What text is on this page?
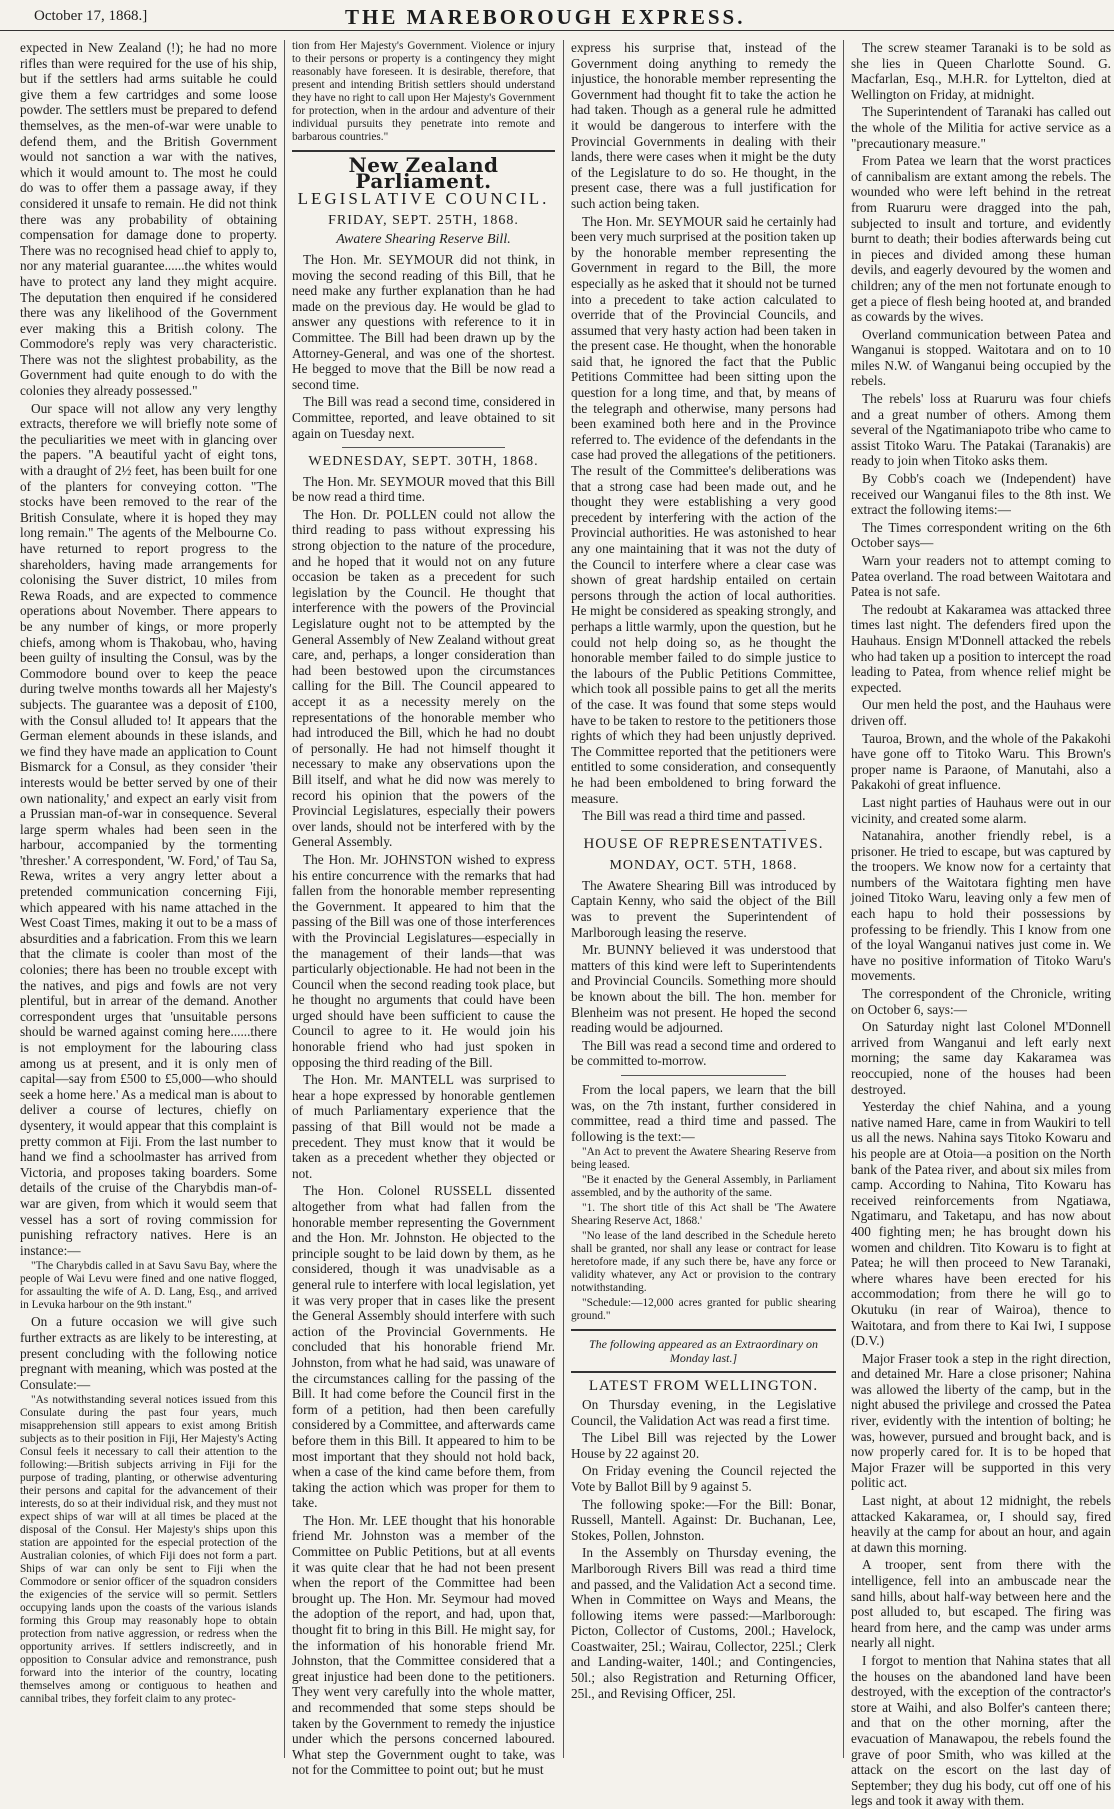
October 17, 1868.]	THE MAREBOROUGH EXPRESS.

expected in New Zealand (!); he had no more rifles than were required for the use of his ship, but if the settlers had arms suitable he could give them a few cartridges and some loose powder. The settlers must be prepared to defend themselves, as the men-of-war were unable to defend them, and the British Government would not sanction a war with the natives, which it would amount to. The most he could do was to offer them a passage away, if they considered it unsafe to remain. He did not think there was any probability of obtaining compensation for damage done to property. There was no recognised head chief to apply to, nor any material guarantee......the whites would have to protect any land they might acquire. The deputation then enquired if he considered there was any likelihood of the Government ever making this a British colony. The Commodore's reply was very characteristic. There was not the slightest probability, as the Government had quite enough to do with the colonies they already possessed."

Our space will not allow any very lengthy extracts, therefore we will briefly note some of the peculiarities we meet with in glancing over the papers. "A beautiful yacht of eight tons, with a draught of 2½ feet, has been built for one of the planters for conveying cotton. "The stocks have been removed to the rear of the British Consulate, where it is hoped they may long remain." The agents of the Melbourne Co. have returned to report progress to the shareholders, having made arrangements for colonising the Suver district, 10 miles from Rewa Roads, and are expected to commence operations about November. There appears to be any number of kings, or more properly chiefs, among whom is Thakobau, who, having been guilty of insulting the Consul, was by the Commodore bound over to keep the peace during twelve months towards all her Majesty's subjects. The guarantee was a deposit of £100, with the Consul alluded to! It appears that the German element abounds in these islands, and we find they have made an application to Count Bismarck for a Consul, as they consider 'their interests would be better served by one of their own nationality,' and expect an early visit from a Prussian man-of-war in consequence. Several large sperm whales had been seen in the harbour, accompanied by the tormenting 'thresher.' A correspondent, 'W. Ford,' of Tau Sa, Rewa, writes a very angry letter about a pretended communication concerning Fiji, which appeared with his name attached in the West Coast Times, making it out to be a mass of absurdities and a fabrication. From this we learn that the climate is cooler than most of the colonies; there has been no trouble except with the natives, and pigs and fowls are not very plentiful, but in arrear of the demand. Another correspondent urges that 'unsuitable persons should be warned against coming here......there is not employment for the labouring class among us at present, and it is only men of capital—say from £500 to £5,000—who should seek a home here.' As a medical man is about to deliver a course of lectures, chiefly on dysentery, it would appear that this complaint is pretty common at Fiji. From the last number to hand we find a schoolmaster has arrived from Victoria, and proposes taking boarders. Some details of the cruise of the Charybdis man-of-war are given, from which it would seem that vessel has a sort of roving commission for punishing refractory natives. Here is an instance:—

"The Charybdis called in at Savu Savu Bay, where the people of Wai Levu were fined and one native flogged, for assaulting the wife of A. D. Lang, Esq., and arrived in Levuka harbour on the 9th instant."

On a future occasion we will give such further extracts as are likely to be interesting, at present concluding with the following notice pregnant with meaning, which was posted at the Consulate:—

"As notwithstanding several notices issued from this Consulate during the past four years, much misapprehension still appears to exist among British subjects as to their position in Fiji, Her Majesty's Acting Consul feels it necessary to call their attention to the following:—British subjects arriving in Fiji for the purpose of trading, planting, or otherwise adventuring their persons and capital for the advancement of their interests, do so at their individual risk, and they must not expect ships of war will at all times be placed at the disposal of the Consul. Her Majesty's ships upon this station are appointed for the especial protection of the Australian colonies, of which Fiji does not form a part. Ships of war can only be sent to Fiji when the Commodore or senior officer of the squadron considers the exigencies of the service will so permit. Settlers occupying lands upon the coasts of the various islands forming this Group may reasonably hope to obtain protection from native aggression, or redress when the opportunity arrives. If settlers indiscreetly, and in opposition to Consular advice and remonstrance, push forward into the interior of the country, locating themselves among or contiguous to heathen and cannibal tribes, they forfeit claim to any protec-

tion from Her Majesty's Government. Violence or injury to their persons or property is a contingency they might reasonably have foreseen. It is desirable, therefore, that present and intending British settlers should understand they have no right to call upon Her Majesty's Government for protection, when in the ardour and adventure of their individual pursuits they penetrate into remote and barbarous countries."

New Zealand Parliament.
LEGISLATIVE COUNCIL.
FRIDAY, SEPT. 25TH, 1868.
Awatere Shearing Reserve Bill.

The Hon. Mr. SEYMOUR did not think, in moving the second reading of this Bill, that he need make any further explanation than he had made on the previous day. He would be glad to answer any questions with reference to it in Committee. The Bill had been drawn up by the Attorney-General, and was one of the shortest. He begged to move that the Bill be now read a second time.

The Bill was read a second time, considered in Committee, reported, and leave obtained to sit again on Tuesday next.

WEDNESDAY, SEPT. 30TH, 1868.

The Hon. Mr. SEYMOUR moved that this Bill be now read a third time.

The Hon. Dr. POLLEN could not allow the third reading to pass without expressing his strong objection to the nature of the procedure, and he hoped that it would not on any future occasion be taken as a precedent for such legislation by the Council. He thought that interference with the powers of the Provincial Legislature ought not to be attempted by the General Assembly of New Zealand without great care, and, perhaps, a longer consideration than had been bestowed upon the circumstances calling for the Bill. The Council appeared to accept it as a necessity merely on the representations of the honorable member who had introduced the Bill, which he had no doubt of personally. He had not himself thought it necessary to make any observations upon the Bill itself, and what he did now was merely to record his opinion that the powers of the Provincial Legislatures, especially their powers over lands, should not be interfered with by the General Assembly.

The Hon. Mr. JOHNSTON wished to express his entire concurrence with the remarks that had fallen from the honorable member representing the Government. It appeared to him that the passing of the Bill was one of those interferences with the Provincial Legislatures—especially in the management of their lands—that was particularly objectionable. He had not been in the Council when the second reading took place, but he thought no arguments that could have been urged should have been sufficient to cause the Council to agree to it. He would join his honorable friend who had just spoken in opposing the third reading of the Bill.

The Hon. Mr. MANTELL was surprised to hear a hope expressed by honorable gentlemen of much Parliamentary experience that the passing of that Bill would not be made a precedent. They must know that it would be taken as a precedent whether they objected or not.

The Hon. Colonel RUSSELL dissented altogether from what had fallen from the honorable member representing the Government and the Hon. Mr. Johnston. He objected to the principle sought to be laid down by them, as he considered, though it was unadvisable as a general rule to interfere with local legislation, yet it was very proper that in cases like the present the General Assembly should interfere with such action of the Provincial Governments. He concluded that his honorable friend Mr. Johnston, from what he had said, was unaware of the circumstances calling for the passing of the Bill. It had come before the Council first in the form of a petition, had then been carefully considered by a Committee, and afterwards came before them in this Bill. It appeared to him to be most important that they should not hold back, when a case of the kind came before them, from taking the action which was proper for them to take.

The Hon. Mr. LEE thought that his honorable friend Mr. Johnston was a member of the Committee on Public Petitions, but at all events it was quite clear that he had not been present when the report of the Committee had been brought up. The Hon. Mr. Seymour had moved the adoption of the report, and had, upon that, thought fit to bring in this Bill. He might say, for the information of his honorable friend Mr. Johnston, that the Committee considered that a great injustice had been done to the petitioners. They went very carefully into the whole matter, and recommended that some steps should be taken by the Government to remedy the injustice under which the persons concerned laboured. What step the Government ought to take, was not for the Committee to point out; but he must

express his surprise that, instead of the Government doing anything to remedy the injustice, the honorable member representing the Government had thought fit to take the action he had taken. Though as a general rule he admitted it would be dangerous to interfere with the Provincial Governments in dealing with their lands, there were cases when it might be the duty of the Legislature to do so. He thought, in the present case, there was a full justification for such action being taken.

The Hon. Mr. SEYMOUR said he certainly had been very much surprised at the position taken up by the honorable member representing the Government in regard to the Bill, the more especially as he asked that it should not be turned into a precedent to take action calculated to override that of the Provincial Councils, and assumed that very hasty action had been taken in the present case. He thought, when the honorable said that, he ignored the fact that the Public Petitions Committee had been sitting upon the question for a long time, and that, by means of the telegraph and otherwise, many persons had been examined both here and in the Province referred to. The evidence of the defendants in the case had proved the allegations of the petitioners. The result of the Committee's deliberations was that a strong case had been made out, and he thought they were establishing a very good precedent by interfering with the action of the Provincial authorities. He was astonished to hear any one maintaining that it was not the duty of the Council to interfere where a clear case was shown of great hardship entailed on certain persons through the action of local authorities. He might be considered as speaking strongly, and perhaps a little warmly, upon the question, but he could not help doing so, as he thought the honorable member failed to do simple justice to the labours of the Public Petitions Committee, which took all possible pains to get all the merits of the case. It was found that some steps would have to be taken to restore to the petitioners those rights of which they had been unjustly deprived. The Committee reported that the petitioners were entitled to some consideration, and consequently he had been emboldened to bring forward the measure.

The Bill was read a third time and passed.

HOUSE OF REPRESENTATIVES.
MONDAY, OCT. 5TH, 1868.

The Awatere Shearing Bill was introduced by Captain Kenny, who said the object of the Bill was to prevent the Superintendent of Marlborough leasing the reserve.

Mr. BUNNY believed it was understood that matters of this kind were left to Superintendents and Provincial Councils. Something more should be known about the bill. The hon. member for Blenheim was not present. He hoped the second reading would be adjourned.

The Bill was read a second time and ordered to be committed to-morrow.

From the local papers, we learn that the bill was, on the 7th instant, further considered in committee, read a third time and passed. The following is the text:—

"An Act to prevent the Awatere Shearing Reserve from being leased.

"Be it enacted by the General Assembly, in Parliament assembled, and by the authority of the same.

"1. The short title of this Act shall be 'The Awatere Shearing Reserve Act, 1868.'

"No lease of the land described in the Schedule hereto shall be granted, nor shall any lease or contract for lease heretofore made, if any such there be, have any force or validity whatever, any Act or provision to the contrary notwithstanding.

"Schedule:—12,000 acres granted for public shearing ground."

The following appeared as an Extraordinary on Monday last.]
LATEST FROM WELLINGTON.

On Thursday evening, in the Legislative Council, the Validation Act was read a first time.

The Libel Bill was rejected by the Lower House by 22 against 20.

On Friday evening the Council rejected the Vote by Ballot Bill by 9 against 5.

The following spoke:—For the Bill: Bonar, Russell, Mantell. Against: Dr. Buchanan, Lee, Stokes, Pollen, Johnston.

In the Assembly on Thursday evening, the Marlborough Rivers Bill was read a third time and passed, and the Validation Act a second time. When in Committee on Ways and Means, the following items were passed:—Marlborough: Picton, Collector of Customs, 200l.; Havelock, Coastwaiter, 25l.; Wairau, Collector, 225l.; Clerk and Landing-waiter, 140l.; and Contingencies, 50l.; also Registration and Returning Officer, 25l., and Revising Officer, 25l.

The screw steamer Taranaki is to be sold as she lies in Queen Charlotte Sound. G. Macfarlan, Esq., M.H.R. for Lyttelton, died at Wellington on Friday, at midnight.

The Superintendent of Taranaki has called out the whole of the Militia for active service as a "precautionary measure."

From Patea we learn that the worst practices of cannibalism are extant among the rebels. The wounded who were left behind in the retreat from Ruaruru were dragged into the pah, subjected to insult and torture, and evidently burnt to death; their bodies afterwards being cut in pieces and divided among these human devils, and eagerly devoured by the women and children; any of the men not fortunate enough to get a piece of flesh being hooted at, and branded as cowards by the wives.

Overland communication between Patea and Wanganui is stopped. Waitotara and on to 10 miles N.W. of Wanganui being occupied by the rebels.

The rebels' loss at Ruaruru was four chiefs and a great number of others. Among them several of the Ngatimaniapoto tribe who came to assist Titoko Waru. The Patakai (Taranakis) are ready to join when Titoko asks them.

By Cobb's coach we (Independent) have received our Wanganui files to the 8th inst. We extract the following items:—

The Times correspondent writing on the 6th October says—

Warn your readers not to attempt coming to Patea overland. The road between Waitotara and Patea is not safe.

The redoubt at Kakaramea was attacked three times last night. The defenders fired upon the Hauhaus. Ensign M'Donnell attacked the rebels who had taken up a position to intercept the road leading to Patea, from whence relief might be expected.

Our men held the post, and the Hauhaus were driven off.

Tauroa, Brown, and the whole of the Pakakohi have gone off to Titoko Waru. This Brown's proper name is Paraone, of Manutahi, also a Pakakohi of great influence.

Last night parties of Hauhaus were out in our vicinity, and created some alarm.

Natanahira, another friendly rebel, is a prisoner. He tried to escape, but was captured by the troopers. We know now for a certainty that numbers of the Waitotara fighting men have joined Titoko Waru, leaving only a few men of each hapu to hold their possessions by professing to be friendly. This I know from one of the loyal Wanganui natives just come in. We have no positive information of Titoko Waru's movements.

The correspondent of the Chronicle, writing on October 6, says:—

On Saturday night last Colonel M'Donnell arrived from Wanganui and left early next morning; the same day Kakaramea was reoccupied, none of the houses had been destroyed.

Yesterday the chief Nahina, and a young native named Hare, came in from Waukiri to tell us all the news. Nahina says Titoko Kowaru and his people are at Otoia—a position on the North bank of the Patea river, and about six miles from camp. According to Nahina, Tito Kowaru has received reinforcements from Ngatiawa, Ngatimaru, and Taketapu, and has now about 400 fighting men; he has brought down his women and children. Tito Kowaru is to fight at Patea; he will then proceed to New Taranaki, where whares have been erected for his accommodation; from there he will go to Okutuku (in rear of Wairoa), thence to Waitotara, and from there to Kai Iwi, I suppose (D.V.)

Major Fraser took a step in the right direction, and detained Mr. Hare a close prisoner; Nahina was allowed the liberty of the camp, but in the night abused the privilege and crossed the Patea river, evidently with the intention of bolting; he was, however, pursued and brought back, and is now properly cared for. It is to be hoped that Major Frazer will be supported in this very politic act.

Last night, at about 12 midnight, the rebels attacked Kakaramea, or, I should say, fired heavily at the camp for about an hour, and again at dawn this morning.

A trooper, sent from there with the intelligence, fell into an ambuscade near the sand hills, about half-way between here and the post alluded to, but escaped. The firing was heard from here, and the camp was under arms nearly all night.

I forgot to mention that Nahina states that all the houses on the abandoned land have been destroyed, with the exception of the contractor's store at Waihi, and also Bolfer's canteen there; and that on the other morning, after the evacuation of Manawapou, the rebels found the grave of poor Smith, who was killed at the attack on the escort on the last day of September; they dug his body, cut off one of his legs and took it away with them.
